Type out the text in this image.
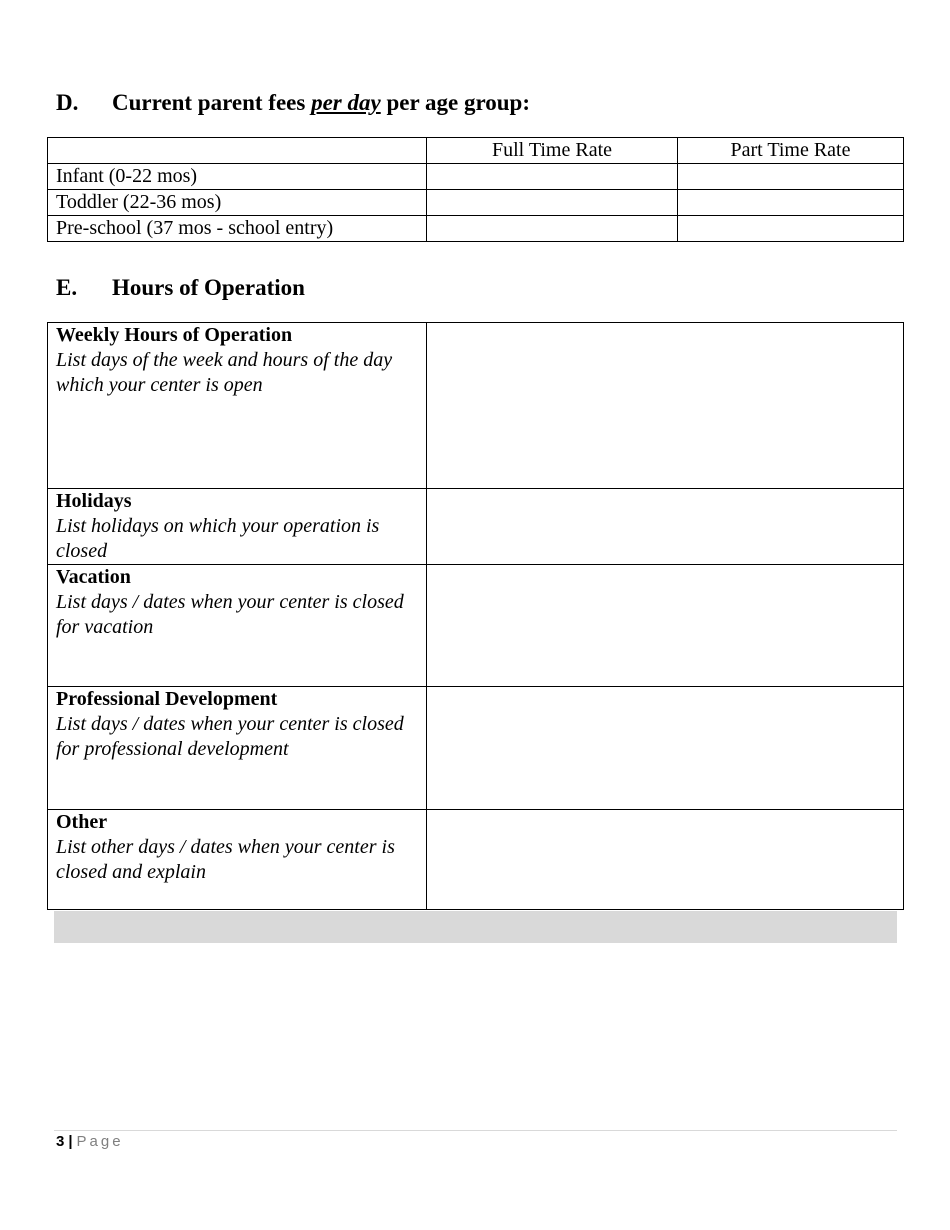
D. Current parent fees per day per age group:
	Full Time Rate	Part Time Rate
Infant (0-22 mos)		
Toddler (22-36 mos)		
Pre-school (37 mos - school entry)		
E. Hours of Operation
Weekly Hours of Operation
List days of the week and hours of the day which your center is open	

Holidays
List holidays on which your operation is closed	

Vacation
List days / dates when your center is closed for vacation	

Professional Development
List days / dates when your center is closed for professional development	

Other
List other days / dates when your center is closed and explain	

3 | Page
